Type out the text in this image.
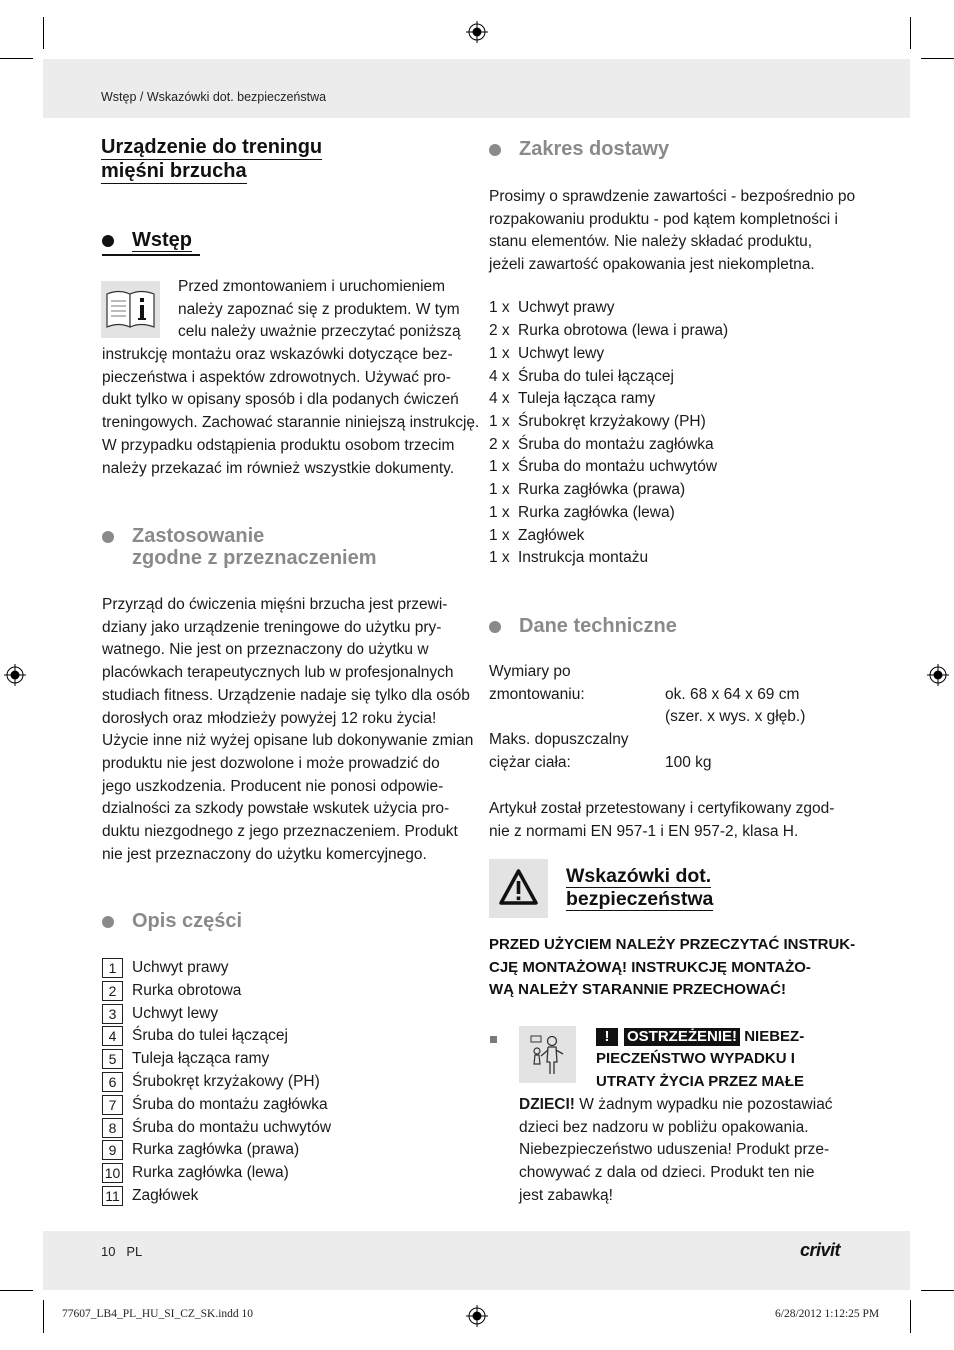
Wstęp / Wskazówki dot. bezpieczeństwa
10 PL	crivit
77607_LB4_PL_HU_SI_CZ_SK.indd 10	6/28/2012 1:12:25 PM
Urządzenie do treningu
mięśni brzucha
Wstęp
Przed zmontowaniem i uruchomieniem
należy zapoznać się z produktem. W tym
celu należy uważnie przeczytać poniższą
instrukcję montażu oraz wskazówki dotyczące bez-
pieczeństwa i aspektów zdrowotnych. Używać pro-
dukt tylko w opisany sposób i dla podanych ćwiczeń
treningowych. Zachować starannie niniejszą instrukcję.
W przypadku odstąpienia produktu osobom trzecim
należy przekazać im również wszystkie dokumenty.
Zastosowanie
zgodne z przeznaczeniem
Przyrząd do ćwiczenia mięśni brzucha jest przewi-
dziany jako urządzenie treningowe do użytku pry-
watnego. Nie jest on przeznaczony do użytku w
placówkach terapeutycznych lub w profesjonalnych
studiach fitness. Urządzenie nadaje się tylko dla osób
dorosłych oraz młodzieży powyżej 12 roku życia!
Użycie inne niż wyżej opisane lub dokonywanie zmian
produktu nie jest dozwolone i może prowadzić do
jego uszkodzenia. Producent nie ponosi odpowie-
dzialności za szkody powstałe wskutek użycia pro-
duktu niezgodnego z jego przeznaczeniem. Produkt
nie jest przeznaczony do użytku komercyjnego.
Opis części
1	Uchwyt prawy
2	Rurka obrotowa
3	Uchwyt lewy
4	Śruba do tulei łączącej
5	Tuleja łącząca ramy
6	Śrubokręt krzyżakowy (PH)
7	Śruba do montażu zagłówka
8	Śruba do montażu uchwytów
9	Rurka zagłówka (prawa)
10 Rurka zagłówka (lewa)
11 Zagłówek
Zakres dostawy
Prosimy o sprawdzenie zawartości - bezpośrednio po
rozpakowaniu produktu - pod kątem kompletności i
stanu elementów. Nie należy składać produktu,
jeżeli zawartość opakowania jest niekompletna.
1 x Uchwyt prawy
2 x Rurka obrotowa (lewa i prawa)
1 x Uchwyt lewy
4 x Śruba do tulei łączącej
4 x Tuleja łącząca ramy
1 x Śrubokręt krzyżakowy (PH)
2 x Śruba do montażu zagłówka
1 x Śruba do montażu uchwytów
1 x Rurka zagłówka (prawa)
1 x Rurka zagłówka (lewa)
1 x Zagłówek
1 x Instrukcja montażu
Dane techniczne
Wymiary po
zmontowaniu:	ok. 68 x 64 x 69 cm
(szer. x wys. x głęb.)
Maks. dopuszczalny
ciężar ciała:	100 kg
Artykuł został przetestowany i certyfikowany zgod-
nie z normami EN 957-1 i EN 957-2, klasa H.
Wskazówki dot.
bezpieczeństwa
PRZED UŻYCIEM NALEŻY PRZECZYTAĆ INSTRUK-
CJĘ MONTAŻOWĄ! INSTRUKCJĘ MONTAŻO-
WĄ NALEŻY STARANNIE PRZECHOWAĆ!
! OSTRZEŻENIE! NIEBEZ-
PIECZEŃSTWO WYPADKU I
UTRATY ŻYCIA PRZEZ MAŁE
DZIECI! W żadnym wypadku nie pozostawiać
dzieci bez nadzoru w pobliżu opakowania.
Niebezpieczeństwo uduszenia! Produkt prze-
chowywać z dala od dzieci. Produkt ten nie
jest zabawką!
